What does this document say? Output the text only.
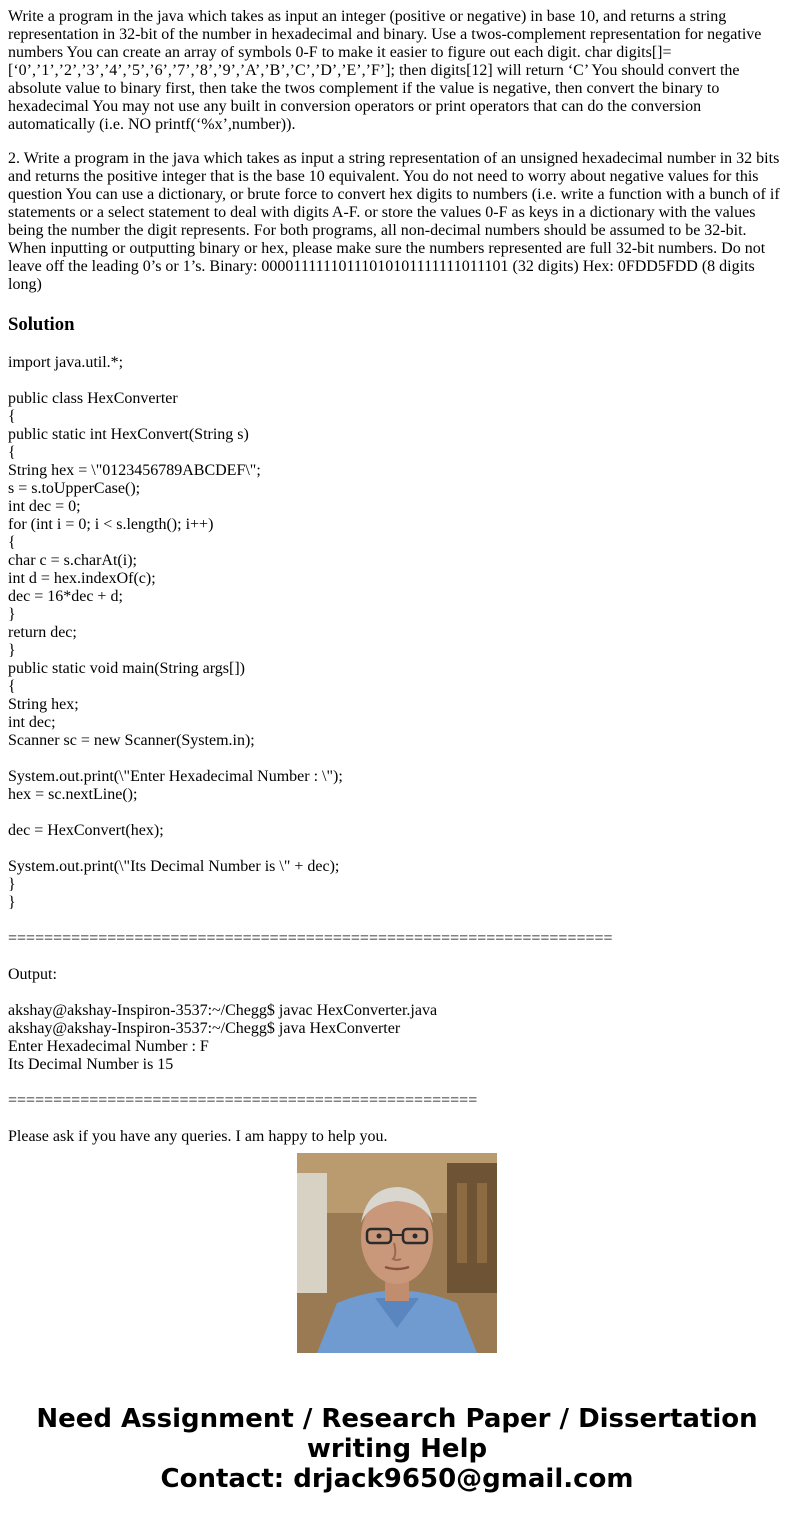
Write a program in the java which takes as input an integer (positive or negative) in base 10, and returns a string representation in 32-bit of the number in hexadecimal and binary. Use a twos-complement representation for negative numbers You can create an array of symbols 0-F to make it easier to figure out each digit. char digits[]= [‘0’,’1’,’2’,’3’,’4’,’5’,’6’,’7’,’8’,’9’,’A’,’B’,’C’,’D’,’E’,’F’]; then digits[12] will return ‘C’ You should convert the absolute value to binary first, then take the twos complement if the value is negative, then convert the binary to hexadecimal You may not use any built in conversion operators or print operators that can do the conversion automatically (i.e. NO printf(‘%x’,number)).

2. Write a program in the java which takes as input a string representation of an unsigned hexadecimal number in 32 bits and returns the positive integer that is the base 10 equivalent. You do not need to worry about negative values for this question You can use a dictionary, or brute force to convert hex digits to numbers (i.e. write a function with a bunch of if statements or a select statement to deal with digits A-F. or store the values 0-F as keys in a dictionary with the values being the number the digit represents. For both programs, all non-decimal numbers should be assumed to be 32-bit. When inputting or outputting binary or hex, please make sure the numbers represented are full 32-bit numbers. Do not leave off the leading 0’s or 1’s. Binary: 00001111110111010101111111011101 (32 digits) Hex: 0FDD5FDD (8 digits long)

Solution
import java.util.*;
public class HexConverter
{
public static int HexConvert(String s)
{
String hex = \"0123456789ABCDEF\";
s = s.toUpperCase();
int dec = 0;
for (int i = 0; i < s.length(); i++)
{
char c = s.charAt(i);
int d = hex.indexOf(c);
dec = 16*dec + d;
}
return dec;
}
public static void main(String args[])
{
String hex;
int dec;
Scanner sc = new Scanner(System.in);
System.out.print(\"Enter Hexadecimal Number : \");
hex = sc.nextLine();
dec = HexConvert(hex);
System.out.print(\"Its Decimal Number is \" + dec);
}
}
===================================================================
Output:
akshay@akshay-Inspiron-3537:~/Chegg$ javac HexConverter.java
akshay@akshay-Inspiron-3537:~/Chegg$ java HexConverter
Enter Hexadecimal Number : F
Its Decimal Number is 15
====================================================
Please ask if you have any queries. I am happy to help you.
Need Assignment / Research Paper / Dissertation
writing Help
Contact: drjack9650@gmail.com
